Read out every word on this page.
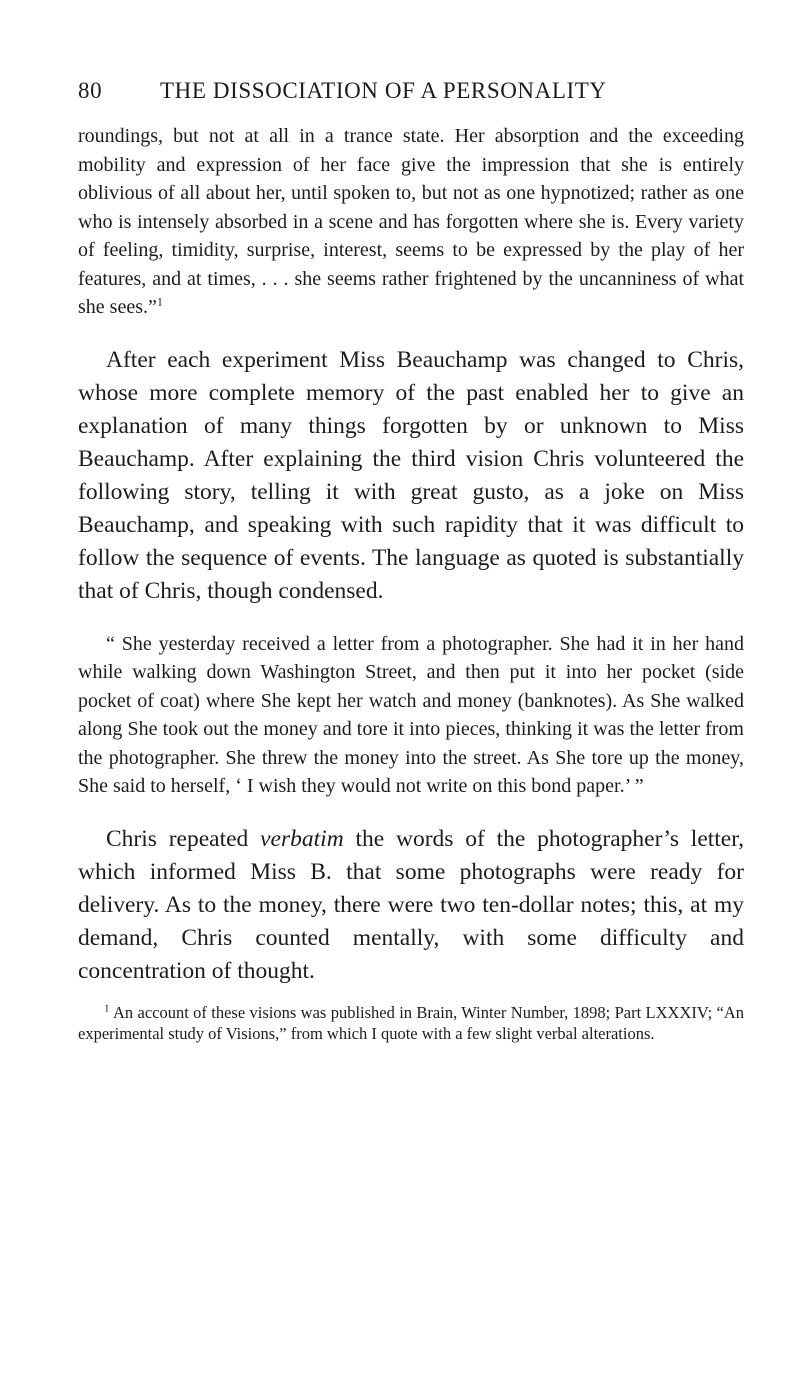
80	THE DISSOCIATION OF A PERSONALITY

roundings, but not at all in a trance state. Her absorption and the exceeding mobility and expression of her face give the impression that she is entirely oblivious of all about her, until spoken to, but not as one hypnotized; rather as one who is intensely absorbed in a scene and has forgotten where she is. Every variety of feeling, timidity, surprise, interest, seems to be expressed by the play of her features, and at times, . . . she seems rather frightened by the uncanniness of what she sees.”$^1$

After each experiment Miss Beauchamp was changed to Chris, whose more complete memory of the past enabled her to give an explanation of many things forgotten by or unknown to Miss Beauchamp. After explaining the third vision Chris volunteered the following story, telling it with great gusto, as a joke on Miss Beauchamp, and speaking with such rapidity that it was difficult to follow the sequence of events. The language as quoted is substantially that of Chris, though condensed.

“ She yesterday received a letter from a photographer. She had it in her hand while walking down Washington Street, and then put it into her pocket (side pocket of coat) where She kept her watch and money (banknotes). As She walked along She took out the money and tore it into pieces, thinking it was the letter from the photographer. She threw the money into the street. As She tore up the money, She said to herself, ‘ I wish they would not write on this bond paper.’ ”

Chris repeated verbatim the words of the photographer’s letter, which informed Miss B. that some photographs were ready for delivery. As to the money, there were two ten-dollar notes; this, at my demand, Chris counted mentally, with some difficulty and concentration of thought.

$^1$ An account of these visions was published in Brain, Winter Number, 1898; Part LXXXIV; “An experimental study of Visions,” from which I quote with a few slight verbal alterations.
